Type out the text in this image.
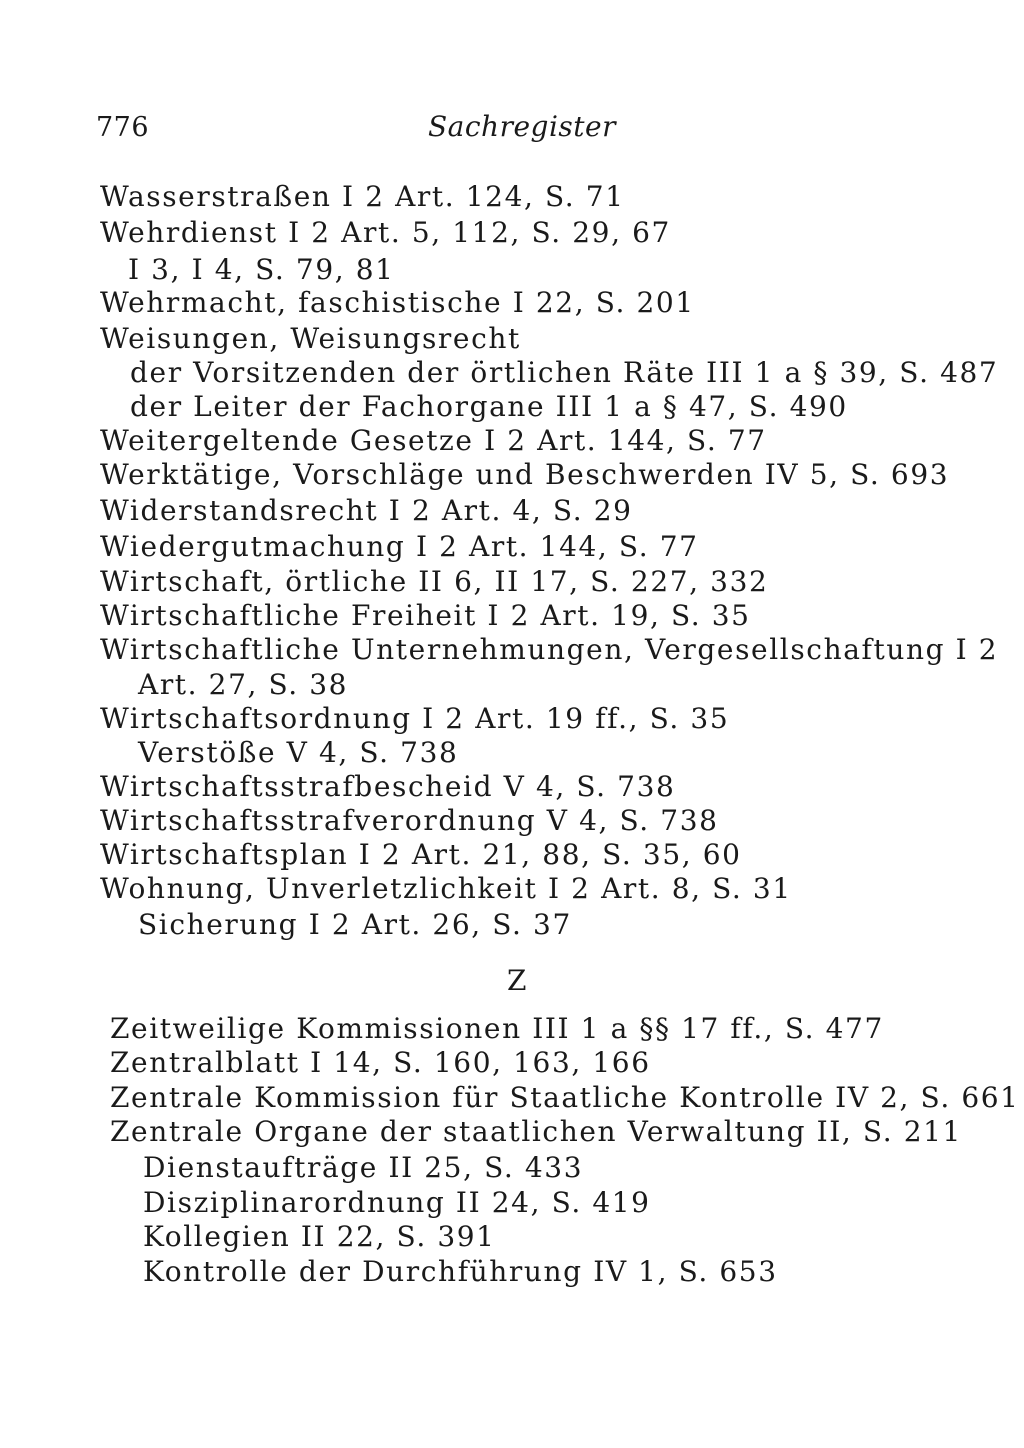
776	Sachregister
Wasserstraßen I 2 Art. 124, S. 71
Wehrdienst I 2 Art. 5, 112, S. 29, 67
I 3, I 4, S. 79, 81
Wehrmacht, faschistische I 22, S. 201
Weisungen, Weisungsrecht
der Vorsitzenden der örtlichen Räte III 1 a § 39, S. 487
der Leiter der Fachorgane III 1 a § 47, S. 490
Weitergeltende Gesetze I 2 Art. 144, S. 77
Werktätige, Vorschläge und Beschwerden IV 5, S. 693
Widerstandsrecht I 2 Art. 4, S. 29
Wiedergutmachung I 2 Art. 144, S. 77
Wirtschaft, örtliche II 6, II 17, S. 227, 332
Wirtschaftliche Freiheit I 2 Art. 19, S. 35
Wirtschaftliche Unternehmungen, Vergesellschaftung I 2
Art. 27, S. 38
Wirtschaftsordnung I 2 Art. 19 ff., S. 35
Verstöße V 4, S. 738
Wirtschaftsstrafbescheid V 4, S. 738
Wirtschaftsstrafverordnung V 4, S. 738
Wirtschaftsplan I 2 Art. 21, 88, S. 35, 60
Wohnung, Unverletzlichkeit I 2 Art. 8, S. 31
Sicherung I 2 Art. 26, S. 37
Z
Zeitweilige Kommissionen III 1 a §§ 17 ff., S. 477
Zentralblatt I 14, S. 160, 163, 166
Zentrale Kommission für Staatliche Kontrolle IV 2, S. 661
Zentrale Organe der staatlichen Verwaltung II, S. 211
Dienstaufträge II 25, S. 433
Disziplinarordnung II 24, S. 419
Kollegien II 22, S. 391
Kontrolle der Durchführung IV 1, S. 653
